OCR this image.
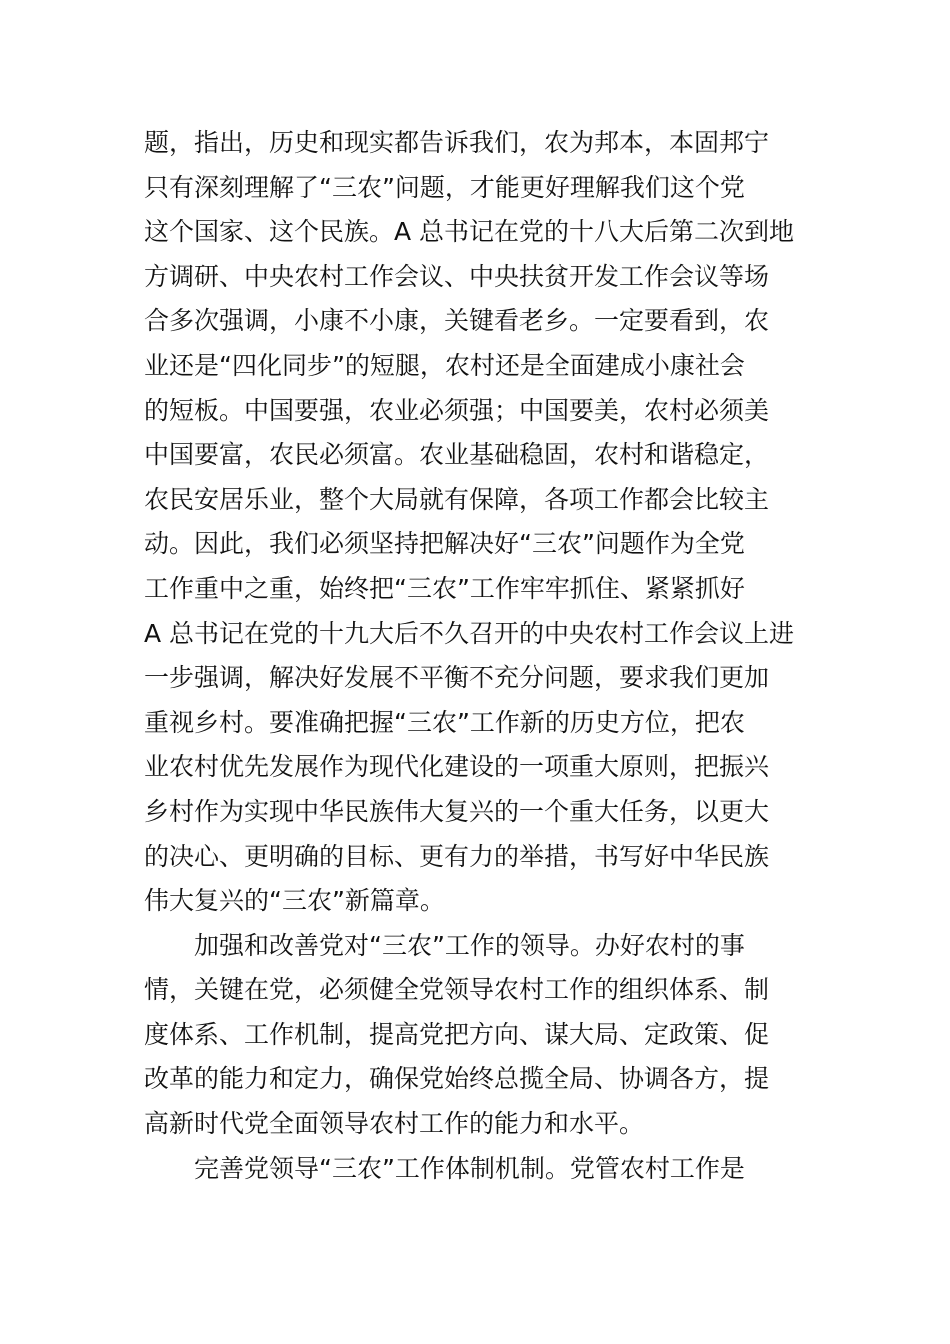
题，指出，历史和现实都告诉我们，农为邦本，本固邦宁
只有深刻理解了“三农”问题，才能更好理解我们这个党
这个国家、这个民族。A 总书记在党的十八大后第二次到地
方调研、中央农村工作会议、中央扶贫开发工作会议等场
合多次强调，小康不小康，关键看老乡。一定要看到，农
业还是“四化同步”的短腿，农村还是全面建成小康社会
的短板。中国要强，农业必须强；中国要美，农村必须美
中国要富，农民必须富。农业基础稳固，农村和谐稳定，
农民安居乐业，整个大局就有保障，各项工作都会比较主
动。因此，我们必须坚持把解决好“三农”问题作为全党
工作重中之重，始终把“三农”工作牢牢抓住、紧紧抓好
A 总书记在党的十九大后不久召开的中央农村工作会议上进
一步强调，解决好发展不平衡不充分问题，要求我们更加
重视乡村。要准确把握“三农”工作新的历史方位，把农
业农村优先发展作为现代化建设的一项重大原则，把振兴
乡村作为实现中华民族伟大复兴的一个重大任务，以更大
的决心、更明确的目标、更有力的举措，书写好中华民族
伟大复兴的“三农”新篇章。
加强和改善党对“三农”工作的领导。办好农村的事
情，关键在党，必须健全党领导农村工作的组织体系、制
度体系、工作机制，提高党把方向、谋大局、定政策、促
改革的能力和定力，确保党始终总揽全局、协调各方，提
高新时代党全面领导农村工作的能力和水平。
完善党领导“三农”工作体制机制。党管农村工作是
